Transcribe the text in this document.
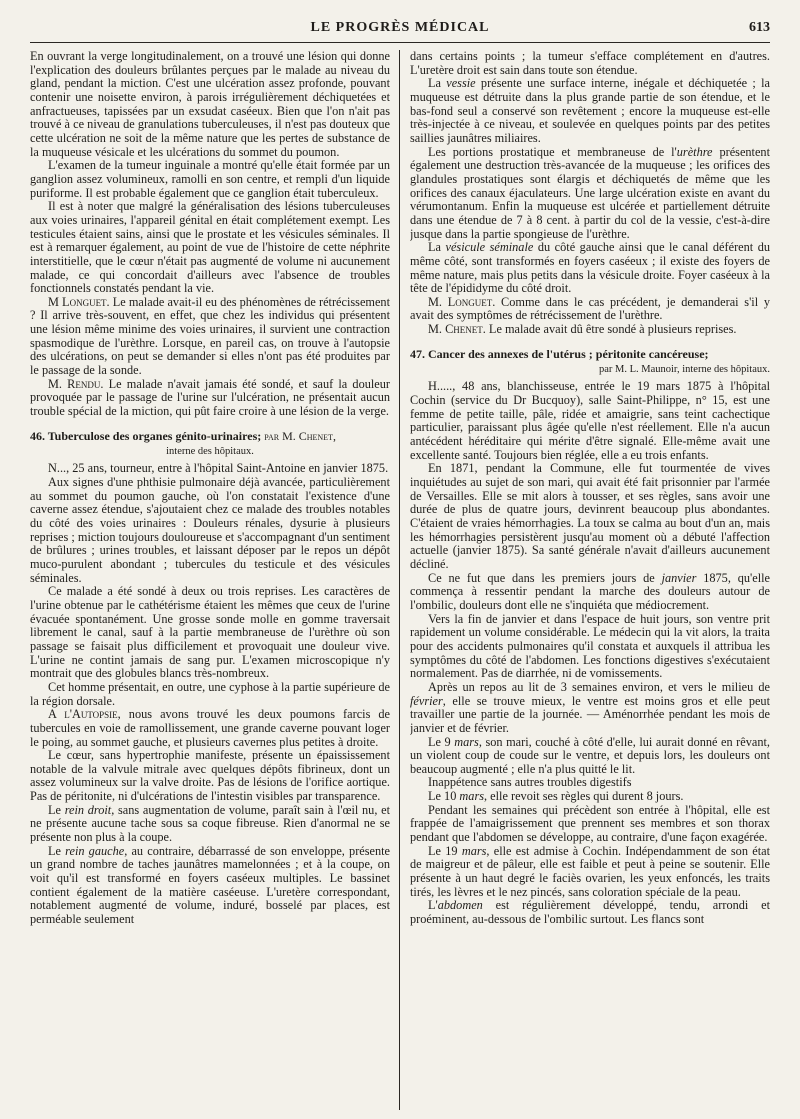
LE PROGRÈS MÉDICAL	613

En ouvrant la verge longitudinalement, on a trouvé une lésion qui donne l'explication des douleurs brûlantes perçues par le malade au niveau du gland, pendant la miction. C'est une ulcération assez profonde, pouvant contenir une noisette environ, à parois irrégulièrement déchiquetées et anfractueuses, tapissées par un exsudat caséeux. Bien que l'on n'ait pas trouvé à ce niveau de granulations tuberculeuses, il n'est pas douteux que cette ulcération ne soit de la même nature que les pertes de substance de la muqueuse vésicale et les ulcérations du sommet du poumon.

L'examen de la tumeur inguinale a montré qu'elle était formée par un ganglion assez volumineux, ramolli en son centre, et rempli d'un liquide puriforme. Il est probable également que ce ganglion était tuberculeux.

Il est à noter que malgré la généralisation des lésions tuberculeuses aux voies urinaires, l'appareil génital en était complétement exempt. Les testicules étaient sains, ainsi que le prostate et les vésicules séminales. Il est à remarquer également, au point de vue de l'histoire de cette néphrite interstitielle, que le cœur n'était pas augmenté de volume ni aucunement malade, ce qui concordait d'ailleurs avec l'absence de troubles fonctionnels constatés pendant la vie.

M Longuet. Le malade avait-il eu des phénomènes de rétrécissement ? Il arrive très-souvent, en effet, que chez les individus qui présentent une lésion même minime des voies urinaires, il survient une contraction spasmodique de l'urèthre. Lorsque, en pareil cas, on trouve à l'autopsie des ulcérations, on peut se demander si elles n'ont pas été produites par le passage de la sonde.

M. Rendu. Le malade n'avait jamais été sondé, et sauf la douleur provoquée par le passage de l'urine sur l'ulcération, ne présentait aucun trouble spécial de la miction, qui pût faire croire à une lésion de la verge.

46. Tuberculose des organes génito-urinaires; par M. Chenet,

interne des hôpitaux.

N..., 25 ans, tourneur, entre à l'hôpital Saint-Antoine en janvier 1875.

Aux signes d'une phthisie pulmonaire déjà avancée, particulièrement au sommet du poumon gauche, où l'on constatait l'existence d'une caverne assez étendue, s'ajoutaient chez ce malade des troubles notables du côté des voies urinaires : Douleurs rénales, dysurie à plusieurs reprises ; miction toujours douloureuse et s'accompagnant d'un sentiment de brûlures ; urines troubles, et laissant déposer par le repos un dépôt muco-purulent abondant ; tubercules du testicule et des vésicules séminales.

Ce malade a été sondé à deux ou trois reprises. Les caractères de l'urine obtenue par le cathétérisme étaient les mêmes que ceux de l'urine évacuée spontanément. Une grosse sonde molle en gomme traversait librement le canal, sauf à la partie membraneuse de l'urèthre où son passage se faisait plus difficilement et provoquait une douleur vive. L'urine ne contint jamais de sang pur. L'examen microscopique n'y montrait que des globules blancs très-nombreux.

Cet homme présentait, en outre, une cyphose à la partie supérieure de la région dorsale.

A l'Autopsie, nous avons trouvé les deux poumons farcis de tubercules en voie de ramollissement, une grande caverne pouvant loger le poing, au sommet gauche, et plusieurs cavernes plus petites à droite.

Le cœur, sans hypertrophie manifeste, présente un épaississement notable de la valvule mitrale avec quelques dépôts fibrineux, dont un assez volumineux sur la valve droite. Pas de lésions de l'orifice aortique. Pas de péritonite, ni d'ulcérations de l'intestin visibles par transparence.

Le rein droit, sans augmentation de volume, paraît sain à l'œil nu, et ne présente aucune tache sous sa coque fibreuse. Rien d'anormal ne se présente non plus à la coupe.

Le rein gauche, au contraire, débarrassé de son enveloppe, présente un grand nombre de taches jaunâtres mamelonnées ; et à la coupe, on voit qu'il est transformé en foyers caséeux multiples. Le bassinet contient également de la matière caséeuse. L'uretère correspondant, notablement augmenté de volume, induré, bosselé par places, est perméable seulement

dans certains points ; la tumeur s'efface complétement en d'autres. L'uretère droit est sain dans toute son étendue.

La vessie présente une surface interne, inégale et déchiquetée ; la muqueuse est détruite dans la plus grande partie de son étendue, et le bas-fond seul a conservé son revêtement ; encore la muqueuse est-elle très-injectée à ce niveau, et soulevée en quelques points par des petites saillies jaunâtres miliaires.

Les portions prostatique et membraneuse de l'urèthre présentent également une destruction très-avancée de la muqueuse ; les orifices des glandules prostatiques sont élargis et déchiquetés de même que les orifices des canaux éjaculateurs. Une large ulcération existe en avant du vérumontanum. Enfin la muqueuse est ulcérée et partiellement détruite dans une étendue de 7 à 8 cent. à partir du col de la vessie, c'est-à-dire jusque dans la partie spongieuse de l'urèthre.

La vésicule séminale du côté gauche ainsi que le canal déférent du même côté, sont transformés en foyers caséeux ; il existe des foyers de même nature, mais plus petits dans la vésicule droite. Foyer caséeux à la tête de l'épididyme du côté droit.

M. Longuet. Comme dans le cas précédent, je demanderai s'il y avait des symptômes de rétrécissement de l'urèthre.

M. Chenet. Le malade avait dû être sondé à plusieurs reprises.

47. Cancer des annexes de l'utérus ; péritonite cancéreuse;

par M. L. Maunoir, interne des hôpitaux.

H....., 48 ans, blanchisseuse, entrée le 19 mars 1875 à l'hôpital Cochin (service du Dr Bucquoy), salle Saint-Philippe, n° 15, est une femme de petite taille, pâle, ridée et amaigrie, sans teint cachectique particulier, paraissant plus âgée qu'elle n'est réellement. Elle n'a aucun antécédent héréditaire qui mérite d'être signalé. Elle-même avait une excellente santé. Toujours bien réglée, elle a eu trois enfants.

En 1871, pendant la Commune, elle fut tourmentée de vives inquiétudes au sujet de son mari, qui avait été fait prisonnier par l'armée de Versailles. Elle se mit alors à tousser, et ses règles, sans avoir une durée de plus de quatre jours, devinrent beaucoup plus abondantes. C'étaient de vraies hémorrhagies. La toux se calma au bout d'un an, mais les hémorrhagies persistèrent jusqu'au moment où a débuté l'affection actuelle (janvier 1875). Sa santé générale n'avait d'ailleurs aucunement décliné.

Ce ne fut que dans les premiers jours de janvier 1875, qu'elle commença à ressentir pendant la marche des douleurs autour de l'ombilic, douleurs dont elle ne s'inquiéta que médiocrement.

Vers la fin de janvier et dans l'espace de huit jours, son ventre prit rapidement un volume considérable. Le médecin qui la vit alors, la traita pour des accidents pulmonaires qu'il constata et auxquels il attribua les symptômes du côté de l'abdomen. Les fonctions digestives s'exécutaient normalement. Pas de diarrhée, ni de vomissements.

Après un repos au lit de 3 semaines environ, et vers le milieu de février, elle se trouve mieux, le ventre est moins gros et elle peut travailler une partie de la journée. — Aménorrhée pendant les mois de janvier et de février.

Le 9 mars, son mari, couché à côté d'elle, lui aurait donné en rêvant, un violent coup de coude sur le ventre, et depuis lors, les douleurs ont beaucoup augmenté ; elle n'a plus quitté le lit.

Inappétence sans autres troubles digestifs

Le 10 mars, elle revoit ses règles qui durent 8 jours.

Pendant les semaines qui précèdent son entrée à l'hôpital, elle est frappée de l'amaigrissement que prennent ses membres et son thorax pendant que l'abdomen se développe, au contraire, d'une façon exagérée.

Le 19 mars, elle est admise à Cochin. Indépendamment de son état de maigreur et de pâleur, elle est faible et peut à peine se soutenir. Elle présente à un haut degré le faciès ovarien, les yeux enfoncés, les traits tirés, les lèvres et le nez pincés, sans coloration spéciale de la peau.

L'abdomen est régulièrement développé, tendu, arrondi et proéminent, au-dessous de l'ombilic surtout. Les flancs sont
